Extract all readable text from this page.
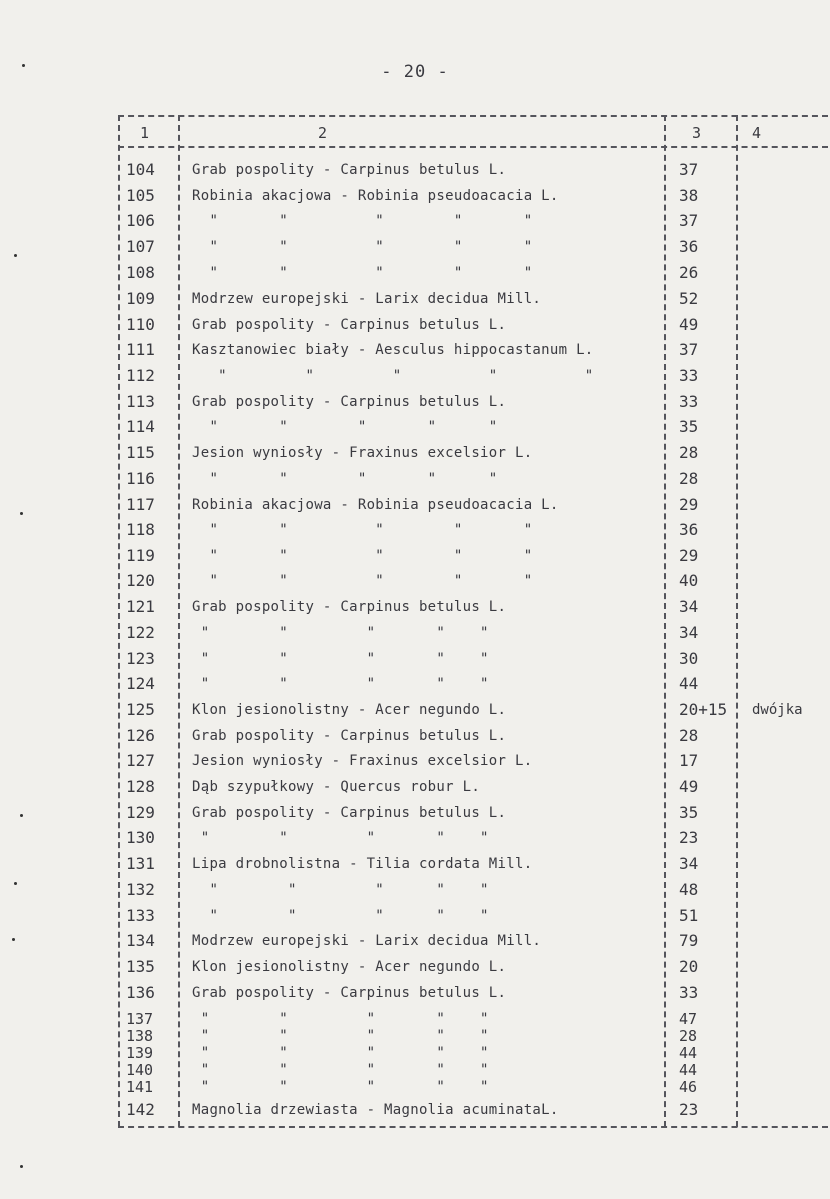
- 20 -
1	2	3	4
104	Grab pospolity - Carpinus betulus L.	37
105	Robinia akacjowa - Robinia pseudoacacia L.	38
106	"       "          "        "       "	37
107	"       "          "        "       "	36
108	"       "          "        "       "	26
109	Modrzew europejski - Larix decidua Mill.	52
110	Grab pospolity - Carpinus betulus L.	49
111	Kasztanowiec biały - Aesculus hippocastanum L.	37
112	"         "         "          "          "	33
113	Grab pospolity - Carpinus betulus L.	33
114	"       "        "       "      "	35
115	Jesion wyniosły - Fraxinus excelsior L.	28
116	"       "        "       "      "	28
117	Robinia akacjowa - Robinia pseudoacacia L.	29
118	"       "          "        "       "	36
119	"       "          "        "       "	29
120	"       "          "        "       "	40
121	Grab pospolity - Carpinus betulus L.	34
122	"        "         "       "    "	34
123	"        "         "       "    "	30
124	"        "         "       "    "	44
125	Klon jesionolistny - Acer negundo L.	20+15 dwójka
126	Grab pospolity - Carpinus betulus L.	28
127	Jesion wyniosły - Fraxinus excelsior L.	17
128	Dąb szypułkowy - Quercus robur L.	49
129	Grab pospolity - Carpinus betulus L.	35
130	"        "         "       "    "	23
131	Lipa drobnolistna - Tilia cordata Mill.	34
132	"        "         "      "    "	48
133	"        "         "      "    "	51
134	Modrzew europejski - Larix decidua Mill.	79
135	Klon jesionolistny - Acer negundo L.	20
136	Grab pospolity - Carpinus betulus L.	33
137	"        "         "       "    "	47
138	"        "         "       "    "	28
139	"        "         "       "    "	44
140	"        "         "       "    "	44
141	"        "         "       "    "	46
142	Magnolia drzewiasta - Magnolia acuminataL.	23
